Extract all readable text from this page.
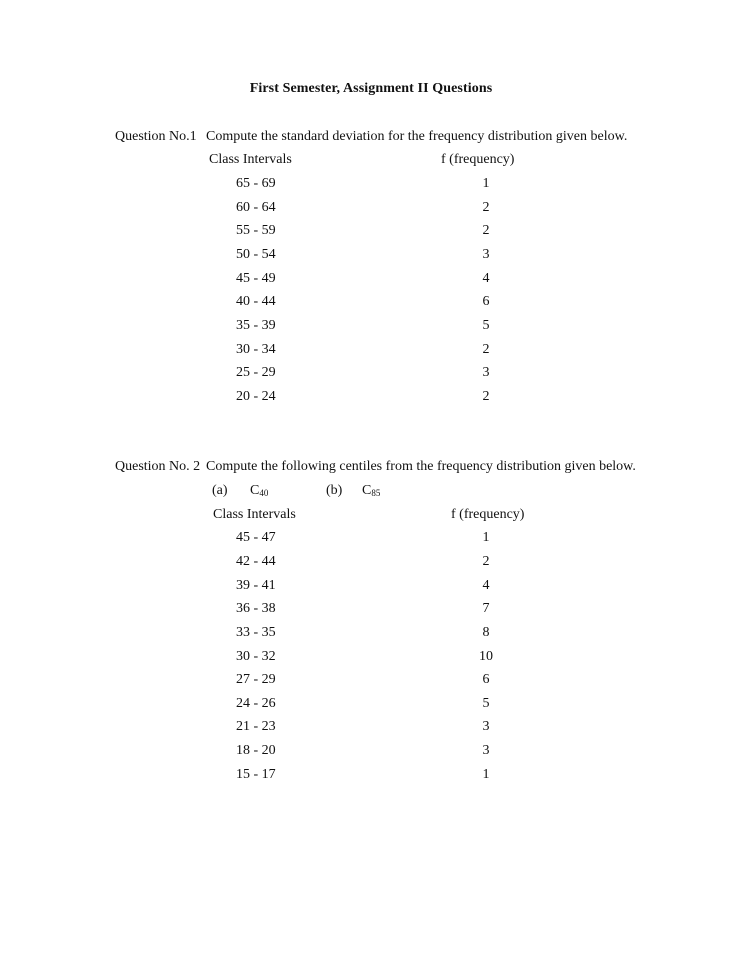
First Semester, Assignment II Questions
Question No.1 Compute the standard deviation for the frequency distribution given below.
Class Intervals	f (frequency)
65 - 69	1
60 - 64	2
55 - 59	2
50 - 54	3
45 - 49	4
40 - 44	6
35 - 39	5
30 - 34	2
25 - 29	3
20 - 24	2
Question No. 2 Compute the following centiles from the frequency distribution given below.
(a) $C_{40}$	(b) $C_{85}$
Class Intervals	f (frequency)
45 - 47	1
42 - 44	2
39 - 41	4
36 - 38	7
33 - 35	8
30 - 32	10
27 - 29	6
24 - 26	5
21 - 23	3
18 - 20	3
15 - 17	1
